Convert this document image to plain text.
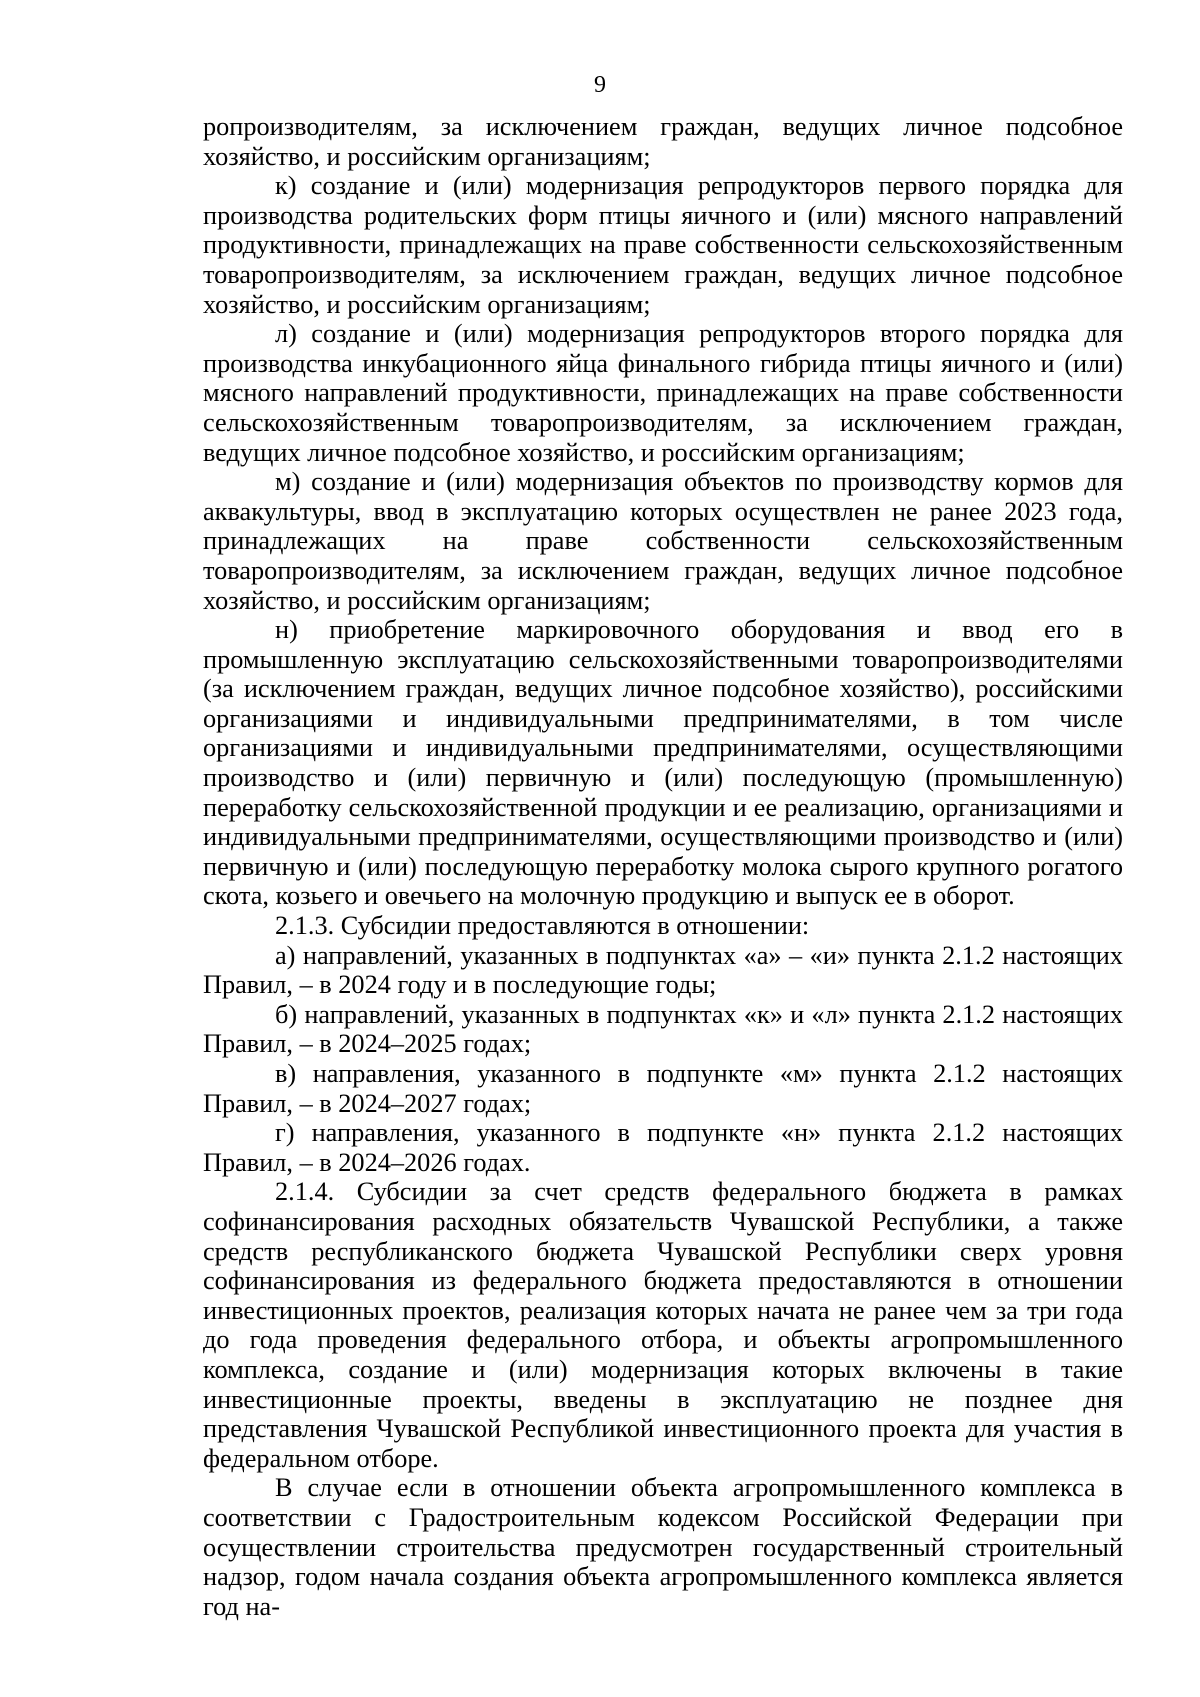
9

ропроизводителям, за исключением граждан, ведущих личное подсобное хозяйство, и российским организациям;

к) создание и (или) модернизация репродукторов первого порядка для производства родительских форм птицы яичного и (или) мясного направлений продуктивности, принадлежащих на праве собственности сельскохозяйственным товаропроизводителям, за исключением граждан, ведущих личное подсобное хозяйство, и российским организациям;

л) создание и (или) модернизация репродукторов второго порядка для производства инкубационного яйца финального гибрида птицы яичного и (или) мясного направлений продуктивности, принадлежащих на праве собственности сельскохозяйственным товаропроизводителям, за исключением граждан, ведущих личное подсобное хозяйство, и российским организациям;

м) создание и (или) модернизация объектов по производству кормов для аквакультуры, ввод в эксплуатацию которых осуществлен не ранее 2023 года, принадлежащих на праве собственности сельскохозяйственным товаропроизводителям, за исключением граждан, ведущих личное подсобное хозяйство, и российским организациям;

н) приобретение маркировочного оборудования и ввод его в промышленную эксплуатацию сельскохозяйственными товаропроизводителями (за исключением граждан, ведущих личное подсобное хозяйство), российскими организациями и индивидуальными предпринимателями, в том числе организациями и индивидуальными предпринимателями, осуществляющими производство и (или) первичную и (или) последующую (промышленную) переработку сельскохозяйственной продукции и ее реализацию, организациями и индивидуальными предпринимателями, осуществляющими производство и (или) первичную и (или) последующую переработку молока сырого крупного рогатого скота, козьего и овечьего на молочную продукцию и выпуск ее в оборот.

2.1.3. Субсидии предоставляются в отношении:

а) направлений, указанных в подпунктах «а» – «и» пункта 2.1.2 настоящих Правил, – в 2024 году и в последующие годы;

б) направлений, указанных в подпунктах «к» и «л» пункта 2.1.2 настоящих Правил, – в 2024–2025 годах;

в) направления, указанного в подпункте «м» пункта 2.1.2 настоящих Правил, – в 2024–2027 годах;

г) направления, указанного в подпункте «н» пункта 2.1.2 настоящих Правил, – в 2024–2026 годах.

2.1.4. Субсидии за счет средств федерального бюджета в рамках софинансирования расходных обязательств Чувашской Республики, а также средств республиканского бюджета Чувашской Республики сверх уровня софинансирования из федерального бюджета предоставляются в отношении инвестиционных проектов, реализация которых начата не ранее чем за три года до года проведения федерального отбора, и объекты агропромышленного комплекса, создание и (или) модернизация которых включены в такие инвестиционные проекты, введены в эксплуатацию не позднее дня представления Чувашской Республикой инвестиционного проекта для участия в федеральном отборе.

В случае если в отношении объекта агропромышленного комплекса в соответствии с Градостроительным кодексом Российской Федерации при осуществлении строительства предусмотрен государственный строительный надзор, годом начала создания объекта агропромышленного комплекса является год на-
